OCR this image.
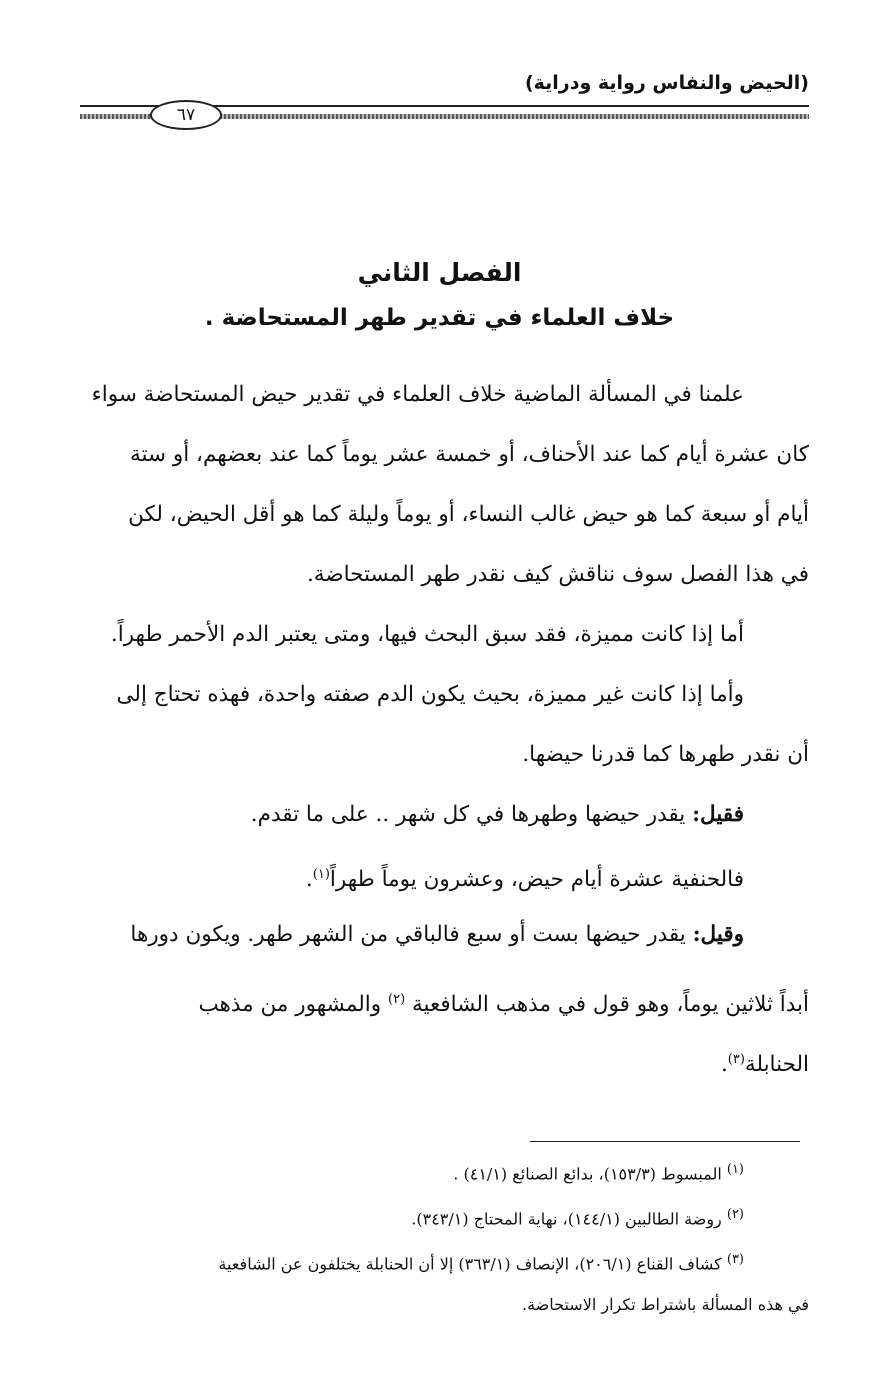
(الحيض والنفاس رواية ودراية)
٦٧
الفصل الثاني
خلاف العلماء في تقدير طهر المستحاضة .
علمنا في المسألة الماضية خلاف العلماء في تقدير حيض المستحاضة سواء
كان عشرة أيام كما عند الأحناف، أو خمسة عشر يوماً كما عند بعضهم، أو ستة
أيام أو سبعة كما هو حيض غالب النساء، أو يوماً وليلة كما هو أقل الحيض، لكن
في هذا الفصل سوف نناقش كيف نقدر طهر المستحاضة.
أما إذا كانت مميزة، فقد سبق البحث فيها، ومتى يعتبر الدم الأحمر طهراً.
وأما إذا كانت غير مميزة، بحيث يكون الدم صفته واحدة، فهذه تحتاج إلى
أن نقدر طهرها كما قدرنا حيضها.
فقيل: يقدر حيضها وطهرها في كل شهر .. على ما تقدم.
فالحنفية عشرة أيام حيض، وعشرون يوماً طهراً$^{(١)}$.
وقيل: يقدر حيضها بست أو سبع فالباقي من الشهر طهر. ويكون دورها
أبداً ثلاثين يوماً، وهو قول في مذهب الشافعية $^{(٢)}$ والمشهور من مذهب
الحنابلة$^{(٣)}$.
$^{(١)}$ المبسوط (١٥٣/٣)، بدائع الصنائع (٤١/١) .
$^{(٢)}$ روضة الطالبين (١٤٤/١)، نهاية المحتاج (٣٤٣/١).
$^{(٣)}$ كشاف القناع (٢٠٦/١)، الإنصاف (٣٦٣/١) إلا أن الحنابلة يختلفون عن الشافعية
في هذه المسألة باشتراط تكرار الاستحاضة.
